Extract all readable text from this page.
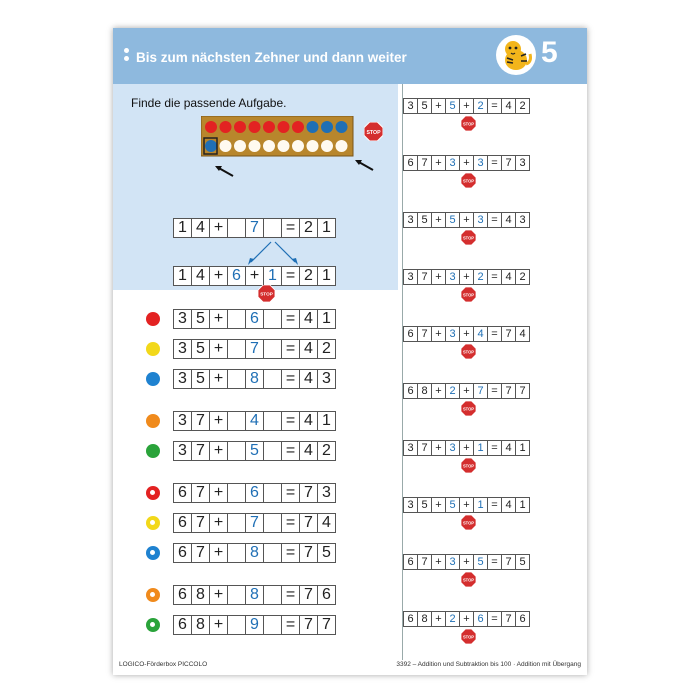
Bis zum nächsten Zehner und dann weiter	5
Finde die passende Aufgabe.
STOP
1 4 +	7	= 2 1
1 4 + 6 + 1 = 2 1
STOP
3 5 +	6	= 4 1
3 5 +	7	= 4 2
3 5 +	8	= 4 3
3 7 +	4	= 4 1
3 7 +	5	= 4 2
6 7 +	6	= 7 3
6 7 +	7	= 7 4
6 7 +	8	= 7 5
6 8 +	8	= 7 6
6 8 +	9	= 7 7
3 5 + 5 + 2 = 4 2
STOP
6 7 + 3 + 3 = 7 3
STOP
3 5 + 5 + 3 = 4 3
STOP
3 7 + 3 + 2 = 4 2
STOP
6 7 + 3 + 4 = 7 4
STOP
6 8 + 2 + 7 = 7 7
STOP
3 7 + 3 + 1 = 4 1
STOP
3 5 + 5 + 1 = 4 1
STOP
6 7 + 3 + 5 = 7 5
STOP
6 8 + 2 + 6 = 7 6
STOP
LOGICO-Förderbox PICCOLO	3392 – Addition und Subtraktion bis 100 · Addition mit Übergang
